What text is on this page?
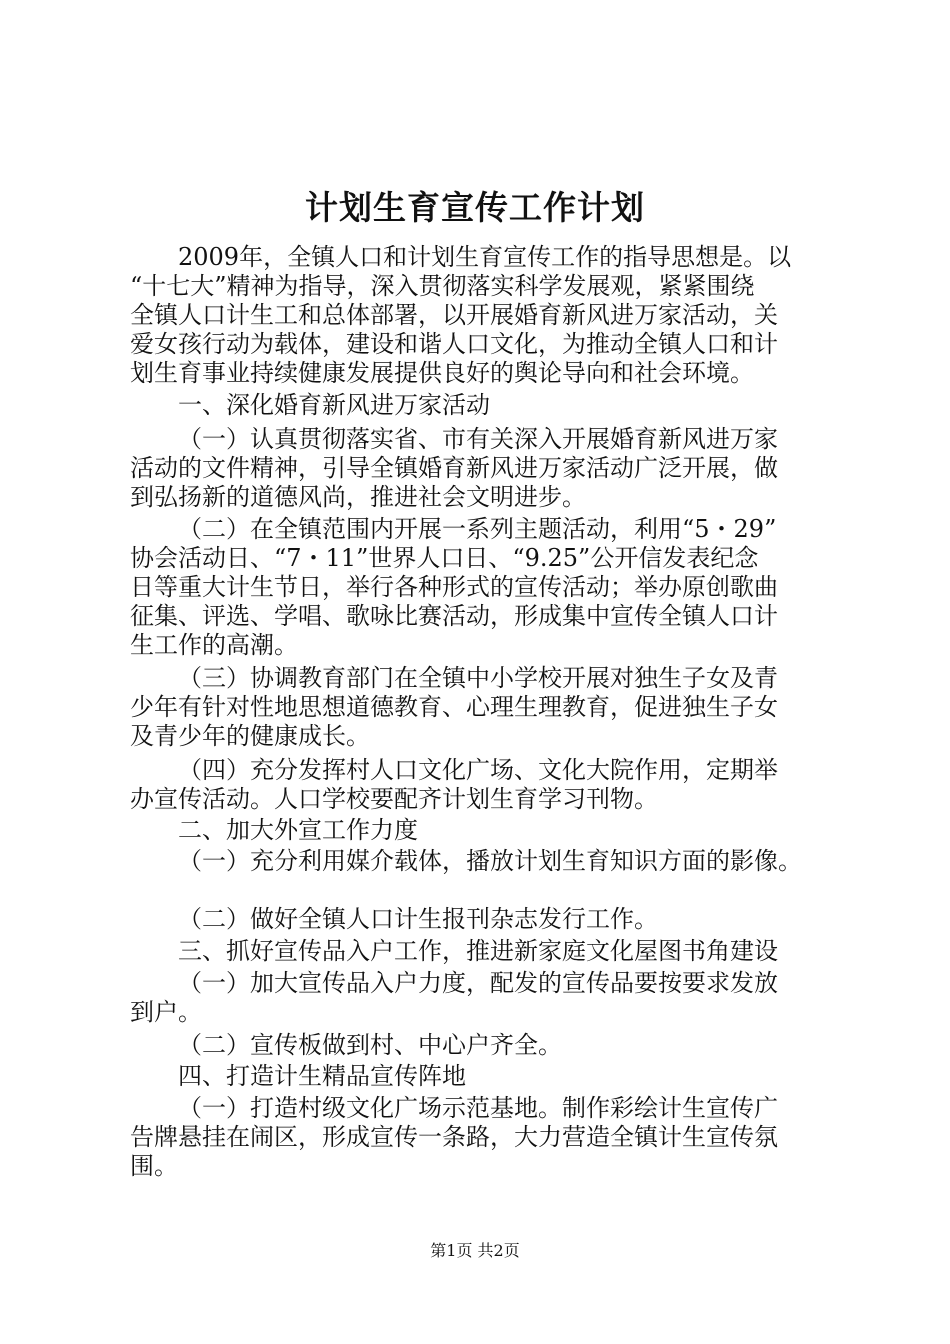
计划生育宣传工作计划
2009年，全镇人口和计划生育宣传工作的指导思想是。以
“十七大”精神为指导，深入贯彻落实科学发展观，紧紧围绕
全镇人口计生工和总体部署，以开展婚育新风进万家活动，关
爱女孩行动为载体，建设和谐人口文化，为推动全镇人口和计
划生育事业持续健康发展提供良好的舆论导向和社会环境。
一、深化婚育新风进万家活动
（一）认真贯彻落实省、市有关深入开展婚育新风进万家
活动的文件精神，引导全镇婚育新风进万家活动广泛开展，做
到弘扬新的道德风尚，推进社会文明进步。
（二）在全镇范围内开展一系列主题活动，利用“5・29”
协会活动日、“7・11”世界人口日、“9.25”公开信发表纪念
日等重大计生节日，举行各种形式的宣传活动；举办原创歌曲
征集、评选、学唱、歌咏比赛活动，形成集中宣传全镇人口计
生工作的高潮。
（三）协调教育部门在全镇中小学校开展对独生子女及青
少年有针对性地思想道德教育、心理生理教育，促进独生子女
及青少年的健康成长。
（四）充分发挥村人口文化广场、文化大院作用，定期举
办宣传活动。人口学校要配齐计划生育学习刊物。
二、加大外宣工作力度
（一）充分利用媒介载体，播放计划生育知识方面的影像。
（二）做好全镇人口计生报刊杂志发行工作。
三、抓好宣传品入户工作，推进新家庭文化屋图书角建设
（一）加大宣传品入户力度，配发的宣传品要按要求发放
到户。
（二）宣传板做到村、中心户齐全。
四、打造计生精品宣传阵地
（一）打造村级文化广场示范基地。制作彩绘计生宣传广
告牌悬挂在闹区，形成宣传一条路，大力营造全镇计生宣传氛
围。
第1页 共2页
